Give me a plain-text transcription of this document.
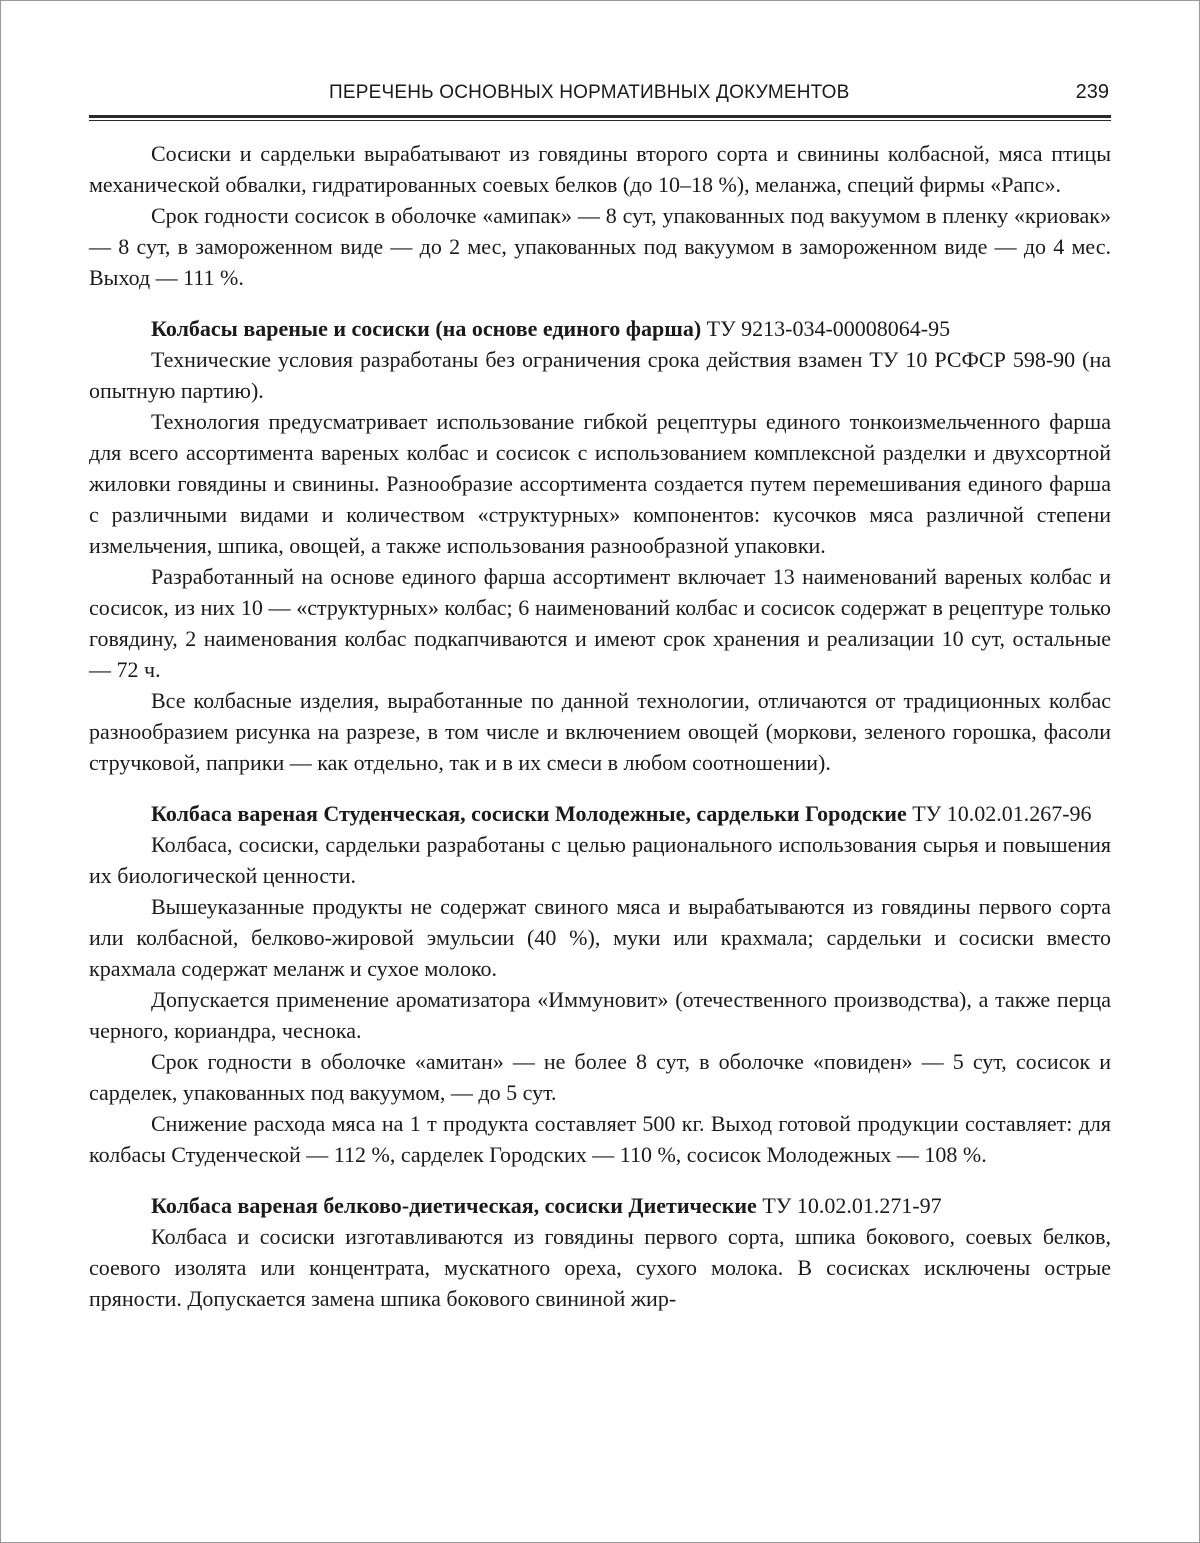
ПЕРЕЧЕНЬ ОСНОВНЫХ НОРМАТИВНЫХ ДОКУМЕНТОВ	239

Сосиски и сардельки вырабатывают из говядины второго сорта и свинины колбасной, мяса птицы механической обвалки, гидратированных соевых белков (до 10–18 %), меланжа, специй фирмы «Рапс».

Срок годности сосисок в оболочке «амипак» — 8 сут, упакованных под вакуумом в пленку «криовак» — 8 сут, в замороженном виде — до 2 мес, упакованных под вакуумом в замороженном виде — до 4 мес. Выход — 111 %.

Колбасы вареные и сосиски (на основе единого фарша) ТУ 9213-034-00008064-95

Технические условия разработаны без ограничения срока действия взамен ТУ 10 РСФСР 598-90 (на опытную партию).

Технология предусматривает использование гибкой рецептуры единого тонкоизмельченного фарша для всего ассортимента вареных колбас и сосисок с использованием комплексной разделки и двухсортной жиловки говядины и свинины. Разнообразие ассортимента создается путем перемешивания единого фарша с различными видами и количеством «структурных» компонентов: кусочков мяса различной степени измельчения, шпика, овощей, а также использования разнообразной упаковки.

Разработанный на основе единого фарша ассортимент включает 13 наименований вареных колбас и сосисок, из них 10 — «структурных» колбас; 6 наименований колбас и сосисок содержат в рецептуре только говядину, 2 наименования колбас подкапчиваются и имеют срок хранения и реализации 10 сут, остальные — 72 ч.

Все колбасные изделия, выработанные по данной технологии, отличаются от традиционных колбас разнообразием рисунка на разрезе, в том числе и включением овощей (моркови, зеленого горошка, фасоли стручковой, паприки — как отдельно, так и в их смеси в любом соотношении).

Колбаса вареная Студенческая, сосиски Молодежные, сардельки Городские ТУ 10.02.01.267-96

Колбаса, сосиски, сардельки разработаны с целью рационального использования сырья и повышения их биологической ценности.

Вышеуказанные продукты не содержат свиного мяса и вырабатываются из говядины первого сорта или колбасной, белково-жировой эмульсии (40 %), муки или крахмала; сардельки и сосиски вместо крахмала содержат меланж и сухое молоко.

Допускается применение ароматизатора «Иммуновит» (отечественного производства), а также перца черного, кориандра, чеснока.

Срок годности в оболочке «амитан» — не более 8 сут, в оболочке «повиден» — 5 сут, сосисок и сарделек, упакованных под вакуумом, — до 5 сут.

Снижение расхода мяса на 1 т продукта составляет 500 кг. Выход готовой продукции составляет: для колбасы Студенческой — 112 %, сарделек Городских — 110 %, сосисок Молодежных — 108 %.

Колбаса вареная белково-диетическая, сосиски Диетические ТУ 10.02.01.271-97

Колбаса и сосиски изготавливаются из говядины первого сорта, шпика бокового, соевых белков, соевого изолята или концентрата, мускатного ореха, сухого молока. В сосисках исключены острые пряности. Допускается замена шпика бокового свининой жир-
